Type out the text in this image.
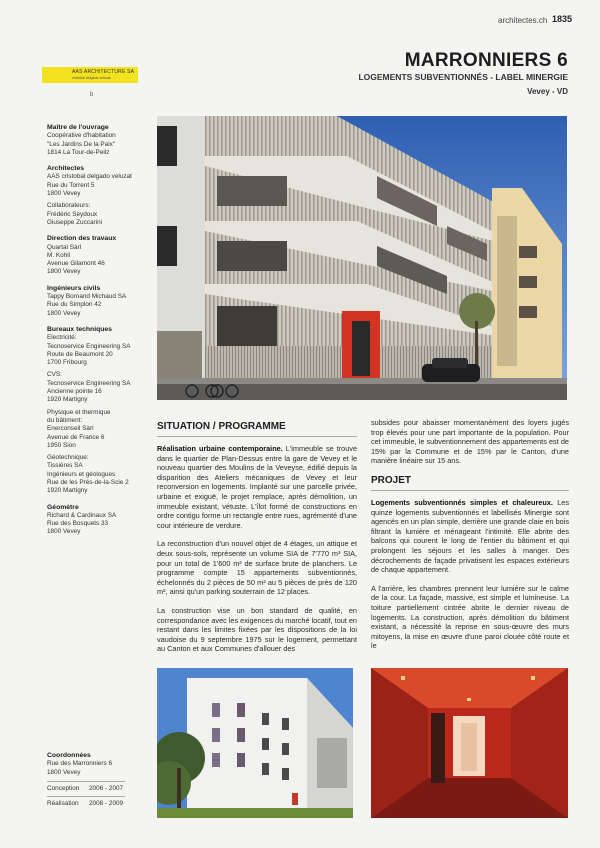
architectes.ch 1835
AAS ARCHITECTURE SA
cristobal delgado veluzat
b
MARRONNIERS 6
LOGEMENTS SUBVENTIONNÉS - LABEL MINERGIE
Vevey - VD
Maître de l'ouvrage
Coopérative d'habitation
"Les Jardins De la Paix"
1814 La Tour-de-Peilz
Architectes
AAS cristobal delgado veluzat
Rue du Torrent 5
1800 Vevey
Collaborateurs:
Frédéric Seydoux
Giuseppe Zuccarini
Direction des travaux
Quartal Sàrl
M. Kohli
Avenue Gilamont 46
1800 Vevey
Ingénieurs civils
Tappy Bornand Michaud SA
Rue du Simplon 42
1800 Vevey
Bureaux techniques
Electricité:
Tecnoservice Engineering SA
Route de Beaumont 20
1700 Fribourg
CVS:
Tecnoservice Engineering SA
Ancienne pointe 16
1920 Martigny
Physique et thermique
du bâtiment:
Enerconseil Sàrl
Avenue de France 6
1950 Sion
Géotechnique:
Tissières SA
Ingénieurs et géologues
Rue de les Prés-de-la-Scie 2
1920 Martigny
Géomètre
Richard & Cardinaux SA
Rue des Bosquets 33
1800 Vevey
Coordonnées
Rue des Marronniers 6
1800 Vevey
Conception 2006 - 2007
Réalisation 2008 - 2009
SITUATION / PROGRAMME

Réalisation urbaine contemporaine. L'immeuble se trouve dans le quartier de Plan-Dessus entre la gare de Vevey et le nouveau quartier des Moulins de la Veveyse, édifié depuis la disparition des Ateliers mécaniques de Vevey et leur reconversion en logements. Implanté sur une parcelle privée, urbaine et exiguë, le projet remplace, après démolition, un immeuble existant, vétuste. L'îlot formé de constructions en ordre contigu forme un rectangle entre rues, agrémenté d'une cour intérieure de verdure.

La reconstruction d'un nouvel objet de 4 étages, un attique et deux sous-sols, représente un volume SIA de 7'770 m³ SIA, pour un total de 1'600 m² de surface brute de planchers. Le programme compte 15 appartements subventionnés, échelonnés du 2 pièces de 50 m² au 5 pièces de près de 120 m², ainsi qu'un parking souterrain de 12 places.

La construction vise un bon standard de qualité, en correspondance avec les exigences du marché locatif, tout en restant dans les limites fixées par les dispositions de la loi vaudoise du 9 septembre 1975 sur le logement, permettant au Canton et aux Communes d'allouer des

subsides pour abaisser momentanément des loyers jugés trop élevés pour une part importante de la population. Pour cet immeuble, le subventionnement des appartements est de 15% par la Commune et de 15% par le Canton, d'une manière linéaire sur 15 ans.

PROJET

Logements subventionnés simples et chaleureux. Les quinze logements subventionnés et labellisés Minergie sont agencés en un plan simple, derrière une grande claie en bois filtrant la lumière et ménageant l'intimité. Elle abrite des balcons qui courent le long de l'entier du bâtiment et qui prolongent les séjours et les salles à manger. Des décrochements de façade privatisent les espaces extérieurs de chaque appartement.

A l'arrière, les chambres prennent leur lumière sur le calme de la cour. La façade, massive, est simple et lumineuse. La toiture partiellement cintrée abrite le dernier niveau de logements. La construction, après démolition du bâtiment existant, a nécessité la reprise en sous-œuvre des murs mitoyens, la mise en œuvre d'une paroi clouée côté route et le
